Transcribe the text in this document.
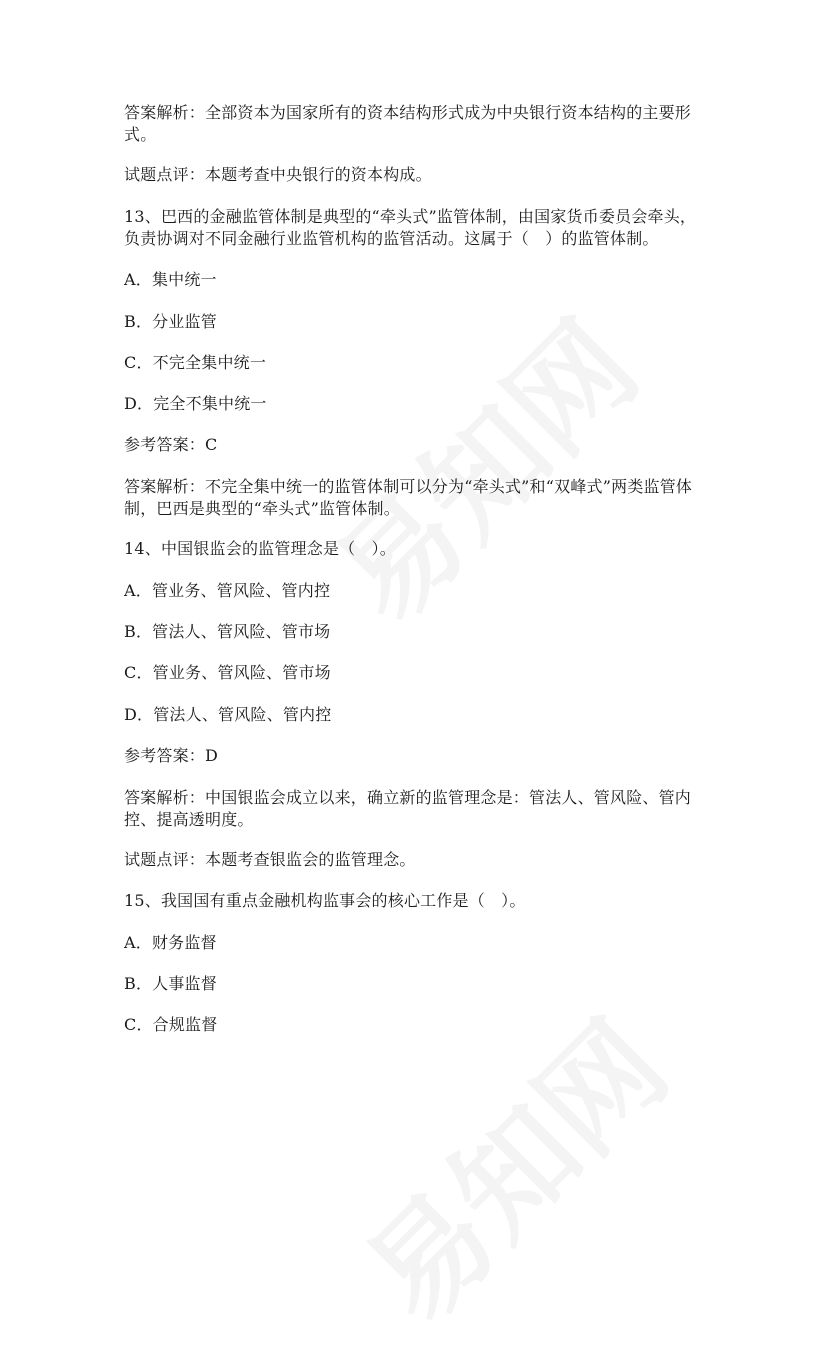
答案解析：全部资本为国家所有的资本结构形式成为中央银行资本结构的主要形式。

试题点评：本题考查中央银行的资本构成。

13、巴西的金融监管体制是典型的“牵头式”监管体制，由国家货币委员会牵头，负责协调对不同金融行业监管机构的监管活动。这属于（　）的监管体制。

A．集中统一

B．分业监管

C．不完全集中统一

D．完全不集中统一

参考答案：C

答案解析：不完全集中统一的监管体制可以分为“牵头式”和“双峰式”两类监管体制，巴西是典型的“牵头式”监管体制。

14、中国银监会的监管理念是（　）。

A．管业务、管风险、管内控

B．管法人、管风险、管市场

C．管业务、管风险、管市场

D．管法人、管风险、管内控

参考答案：D

答案解析：中国银监会成立以来，确立新的监管理念是：管法人、管风险、管内控、提高透明度。

试题点评：本题考查银监会的监管理念。

15、我国国有重点金融机构监事会的核心工作是（　）。

A．财务监督

B．人事监督

C．合规监督
